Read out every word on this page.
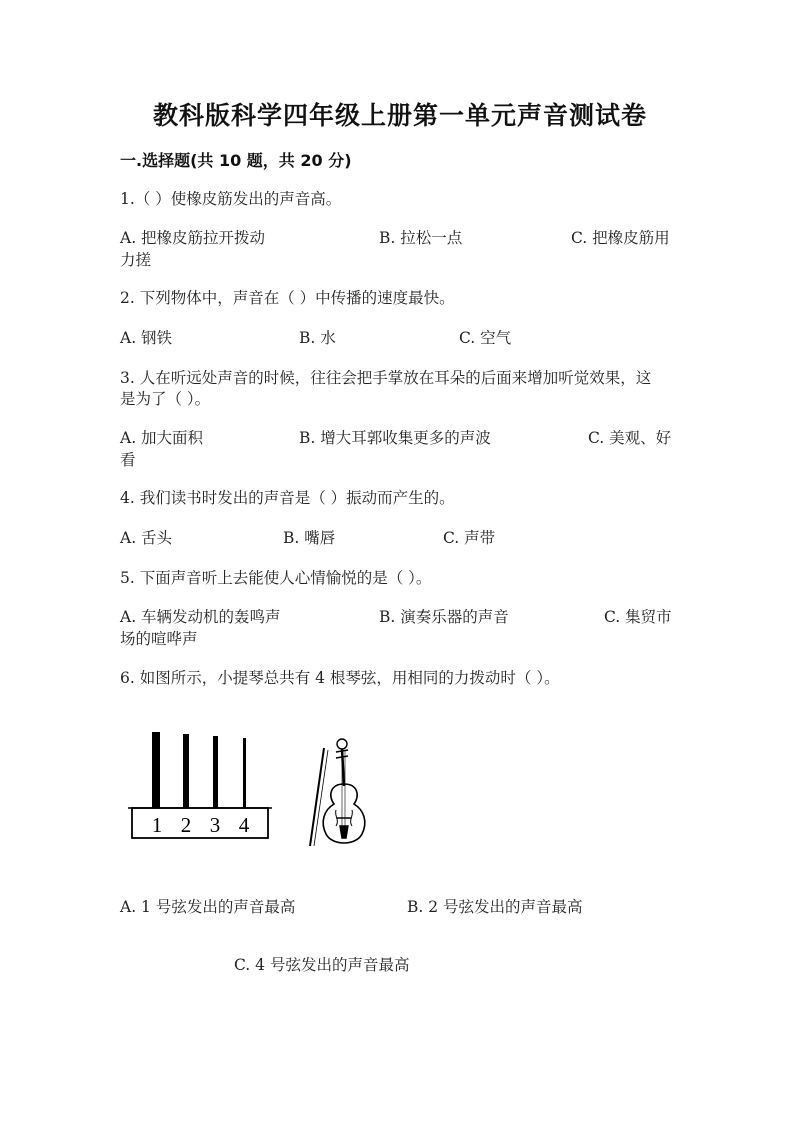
教科版科学四年级上册第一单元声音测试卷
一.选择题(共 10 题，共 20 分)
1.（ ）使橡皮筋发出的声音高。
A. 把橡皮筋拉开拨动	B. 拉松一点	C. 把橡皮筋用
力搓
2. 下列物体中，声音在（ ）中传播的速度最快。
A. 钢铁	B. 水	C. 空气
3. 人在听远处声音的时候，往往会把手掌放在耳朵的后面来增加听觉效果，这
是为了（ ）。
A. 加大面积	B. 增大耳郭收集更多的声波	C. 美观、好
看
4. 我们读书时发出的声音是（ ）振动而产生的。
A. 舌头	B. 嘴唇	C. 声带
5. 下面声音听上去能使人心情愉悦的是（ ）。
A. 车辆发动机的轰鸣声	B. 演奏乐器的声音	C. 集贸市
场的喧哗声
6. 如图所示，小提琴总共有 4 根琴弦，用相同的力拨动时（ ）。
1 2 3 4
A. 1 号弦发出的声音最高	B. 2 号弦发出的声音最高
C. 4 号弦发出的声音最高
